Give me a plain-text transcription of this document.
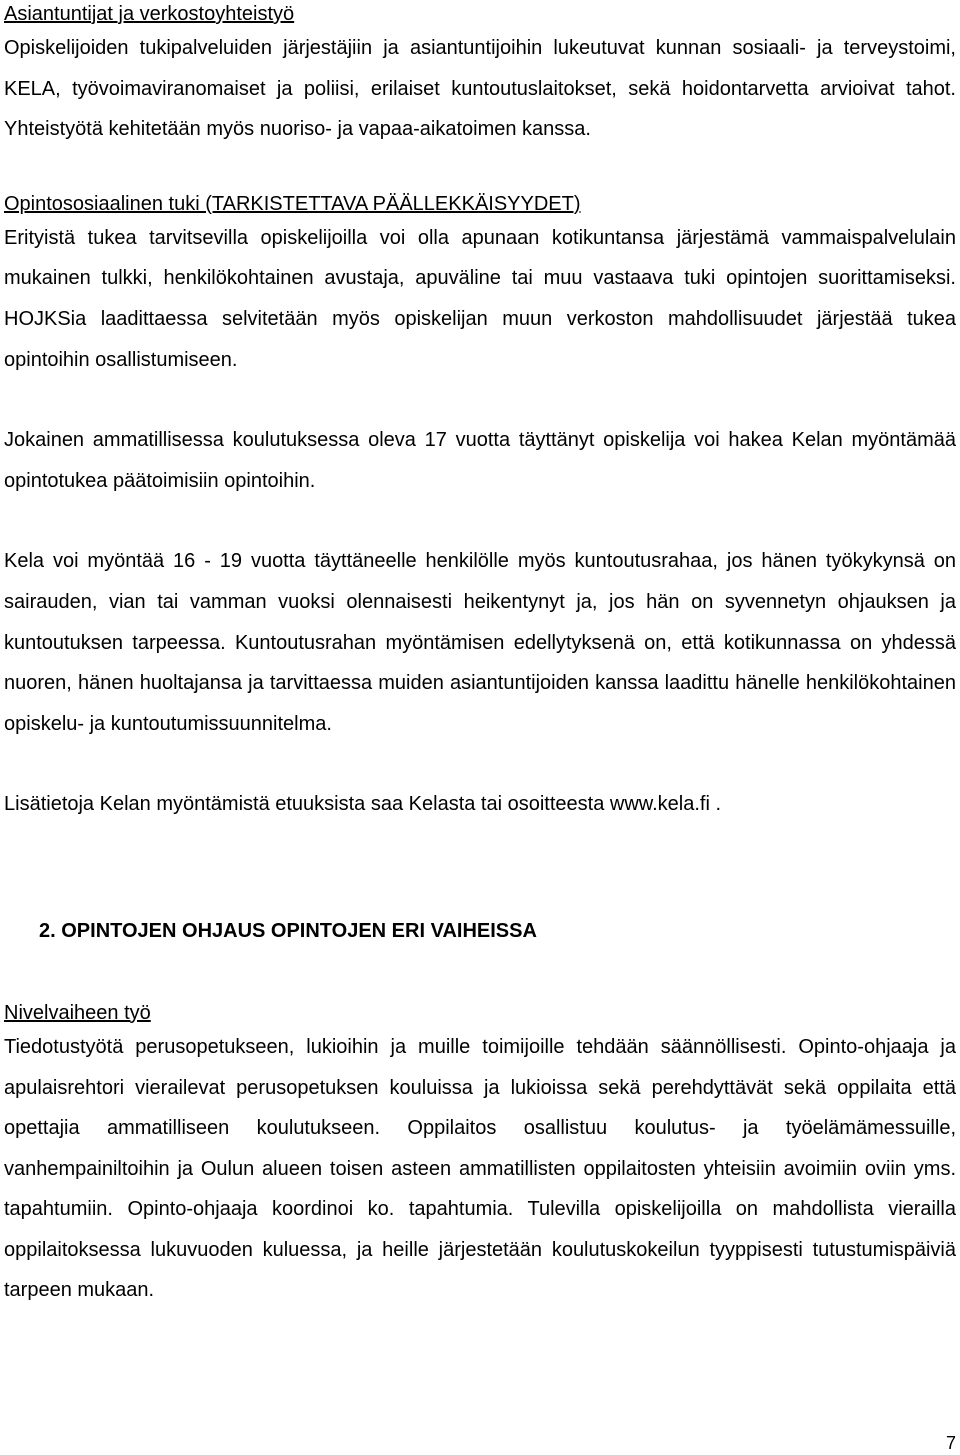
Asiantuntijat ja verkostoyhteistyö

Opiskelijoiden tukipalveluiden järjestäjiin ja asiantuntijoihin lukeutuvat kunnan sosiaali- ja terveystoimi, KELA, työvoimaviranomaiset ja poliisi, erilaiset kuntoutuslaitokset, sekä hoidontarvetta arvioivat tahot. Yhteistyötä kehitetään myös nuoriso- ja vapaa-aikatoimen kanssa.

Opintososiaalinen tuki (TARKISTETTAVA PÄÄLLEKKÄISYYDET)

Erityistä tukea tarvitsevilla opiskelijoilla voi olla apunaan kotikuntansa järjestämä vammaispalvelulain mukainen tulkki, henkilökohtainen avustaja, apuväline tai muu vastaava tuki opintojen suorittamiseksi. HOJKSia laadittaessa selvitetään myös opiskelijan muun verkoston mahdollisuudet järjestää tukea opintoihin osallistumiseen.

Jokainen ammatillisessa koulutuksessa oleva 17 vuotta täyttänyt opiskelija voi hakea Kelan myöntämää opintotukea päätoimisiin opintoihin.

Kela voi myöntää 16 - 19 vuotta täyttäneelle henkilölle myös kuntoutusrahaa, jos hänen työkykynsä on sairauden, vian tai vamman vuoksi olennaisesti heikentynyt ja, jos hän on syvennetyn ohjauksen ja kuntoutuksen tarpeessa. Kuntoutusrahan myöntämisen edellytyksenä on, että kotikunnassa on yhdessä nuoren, hänen huoltajansa ja tarvittaessa muiden asiantuntijoiden kanssa laadittu hänelle henkilökohtainen opiskelu- ja kuntoutumissuunnitelma.

Lisätietoja Kelan myöntämistä etuuksista saa Kelasta tai osoitteesta www.kela.fi .

2. OPINTOJEN OHJAUS OPINTOJEN ERI VAIHEISSA
Nivelvaiheen työ

Tiedotustyötä perusopetukseen, lukioihin ja muille toimijoille tehdään säännöllisesti. Opinto-ohjaaja ja apulaisrehtori vierailevat perusopetuksen kouluissa ja lukioissa sekä perehdyttävät sekä oppilaita että opettajia ammatilliseen koulutukseen. Oppilaitos osallistuu koulutus- ja työelämämessuille, vanhempainiltoihin ja Oulun alueen toisen asteen ammatillisten oppilaitosten yhteisiin avoimiin oviin yms. tapahtumiin. Opinto-ohjaaja koordinoi ko. tapahtumia. Tulevilla opiskelijoilla on mahdollista vierailla oppilaitoksessa lukuvuoden kuluessa, ja heille järjestetään koulutuskokeilun tyyppisesti tutustumispäiviä tarpeen mukaan.

7
